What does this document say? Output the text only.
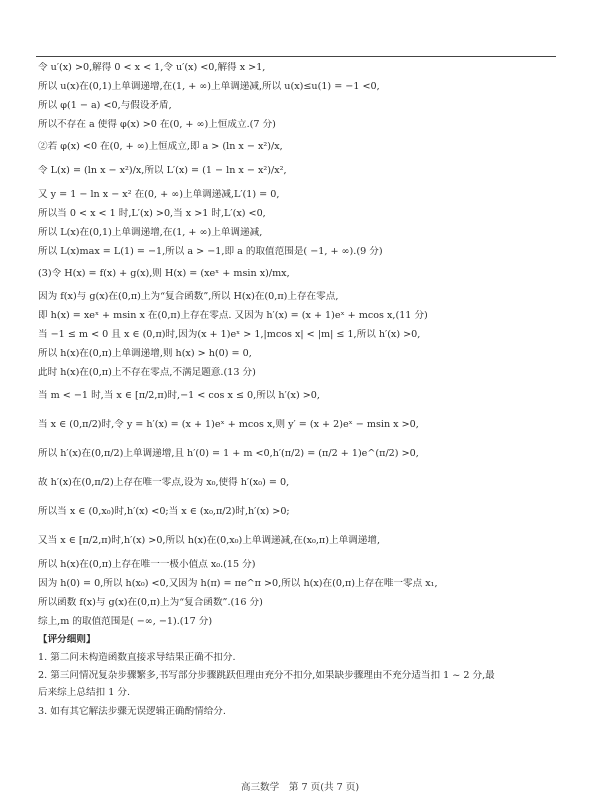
令 u′(x) >0,解得 0 < x < 1,令 u′(x) <0,解得 x >1,

所以 u(x)在(0,1)上单调递增,在(1, + ∞)上单调递减,所以 u(x)≤u(1) = −1 <0,

所以 φ(1 − a) <0,与假设矛盾,

所以不存在 a 使得 φ(x) >0 在(0, + ∞)上恒成立.(7 分)

②若 φ(x) <0 在(0, + ∞)上恒成立,即 a > (ln x − x²)/x,

令 L(x) = (ln x − x²)/x,所以 L′(x) = (1 − ln x − x²)/x²,

又 y = 1 − ln x − x² 在(0, + ∞)上单调递减,L′(1) = 0,

所以当 0 < x < 1 时,L′(x) >0,当 x >1 时,L′(x) <0,

所以 L(x)在(0,1)上单调递增,在(1, + ∞)上单调递减,

所以 L(x)max = L(1) = −1,所以 a > −1,即 a 的取值范围是( −1, + ∞).(9 分)

(3)令 H(x) = f(x) + g(x),则 H(x) = (xeˣ + msin x)/mx,

因为 f(x)与 g(x)在(0,π)上为“复合函数”,所以 H(x)在(0,π)上存在零点,

即 h(x) = xeˣ + msin x 在(0,π)上存在零点. 又因为 h′(x) = (x + 1)eˣ + mcos x,(11 分)

当 −1 ≤ m < 0 且 x ∈ (0,π)时,因为(x + 1)eˣ > 1,|mcos x| < |m| ≤ 1,所以 h′(x) >0,

所以 h(x)在(0,π)上单调递增,则 h(x) > h(0) = 0,

此时 h(x)在(0,π)上不存在零点,不满足题意.(13 分)

当 m < −1 时,当 x ∈ [π/2,π)时,−1 < cos x ≤ 0,所以 h′(x) >0,

当 x ∈ (0,π/2)时,令 y = h′(x) = (x + 1)eˣ + mcos x,则 y′ = (x + 2)eˣ − msin x >0,

所以 h′(x)在(0,π/2)上单调递增,且 h′(0) = 1 + m <0,h′(π/2) = (π/2 + 1)e^(π/2) >0,

故 h′(x)在(0,π/2)上存在唯一零点,设为 x₀,使得 h′(x₀) = 0,

所以当 x ∈ (0,x₀)时,h′(x) <0;当 x ∈ (x₀,π/2)时,h′(x) >0;

又当 x ∈ [π/2,π)时,h′(x) >0,所以 h(x)在(0,x₀)上单调递减,在(x₀,π)上单调递增,

所以 h(x)在(0,π)上存在唯一一极小值点 x₀.(15 分)

因为 h(0) = 0,所以 h(x₀) <0,又因为 h(π) = πe^π >0,所以 h(x)在(0,π)上存在唯一零点 x₁,

所以函数 f(x)与 g(x)在(0,π)上为“复合函数”.(16 分)

综上,m 的取值范围是( −∞, −1).(17 分)

【评分细则】

1. 第二问未构造函数直接求导结果正确不扣分.

2. 第三问情况复杂步骤繁多,书写部分步骤跳跃但理由充分不扣分,如果缺步骤理由不充分适当扣 1 ~ 2 分,最

后来综上总结扣 1 分.

3. 如有其它解法步骤无误逻辑正确酌情给分.

高三数学　第 7 页(共 7 页)
